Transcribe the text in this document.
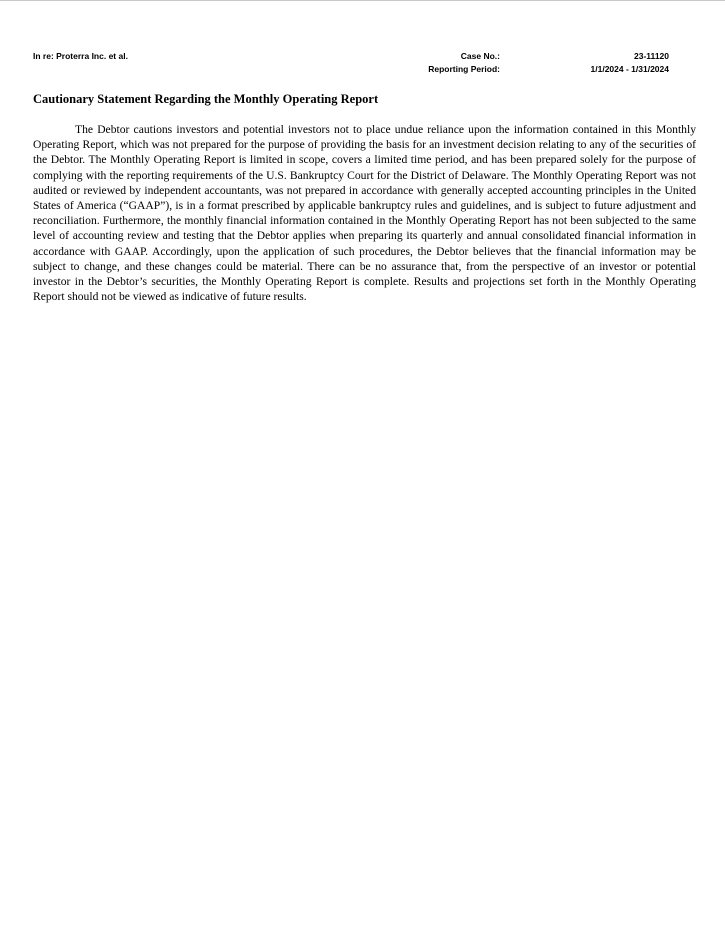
In re: Proterra Inc. et al.	Case No.:
Reporting Period:
23-11120
1/1/2024 - 1/31/2024
Cautionary Statement Regarding the Monthly Operating Report

The Debtor cautions investors and potential investors not to place undue reliance upon the information contained in this Monthly Operating Report, which was not prepared for the purpose of providing the basis for an investment decision relating to any of the securities of the Debtor. The Monthly Operating Report is limited in scope, covers a limited time period, and has been prepared solely for the purpose of complying with the reporting requirements of the U.S. Bankruptcy Court for the District of Delaware. The Monthly Operating Report was not audited or reviewed by independent accountants, was not prepared in accordance with generally accepted accounting principles in the United States of America (“GAAP”), is in a format prescribed by applicable bankruptcy rules and guidelines, and is subject to future adjustment and reconciliation. Furthermore, the monthly financial information contained in the Monthly Operating Report has not been subjected to the same level of accounting review and testing that the Debtor applies when preparing its quarterly and annual consolidated financial information in accordance with GAAP. Accordingly, upon the application of such procedures, the Debtor believes that the financial information may be subject to change, and these changes could be material. There can be no assurance that, from the perspective of an investor or potential investor in the Debtor’s securities, the Monthly Operating Report is complete. Results and projections set forth in the Monthly Operating Report should not be viewed as indicative of future results.
